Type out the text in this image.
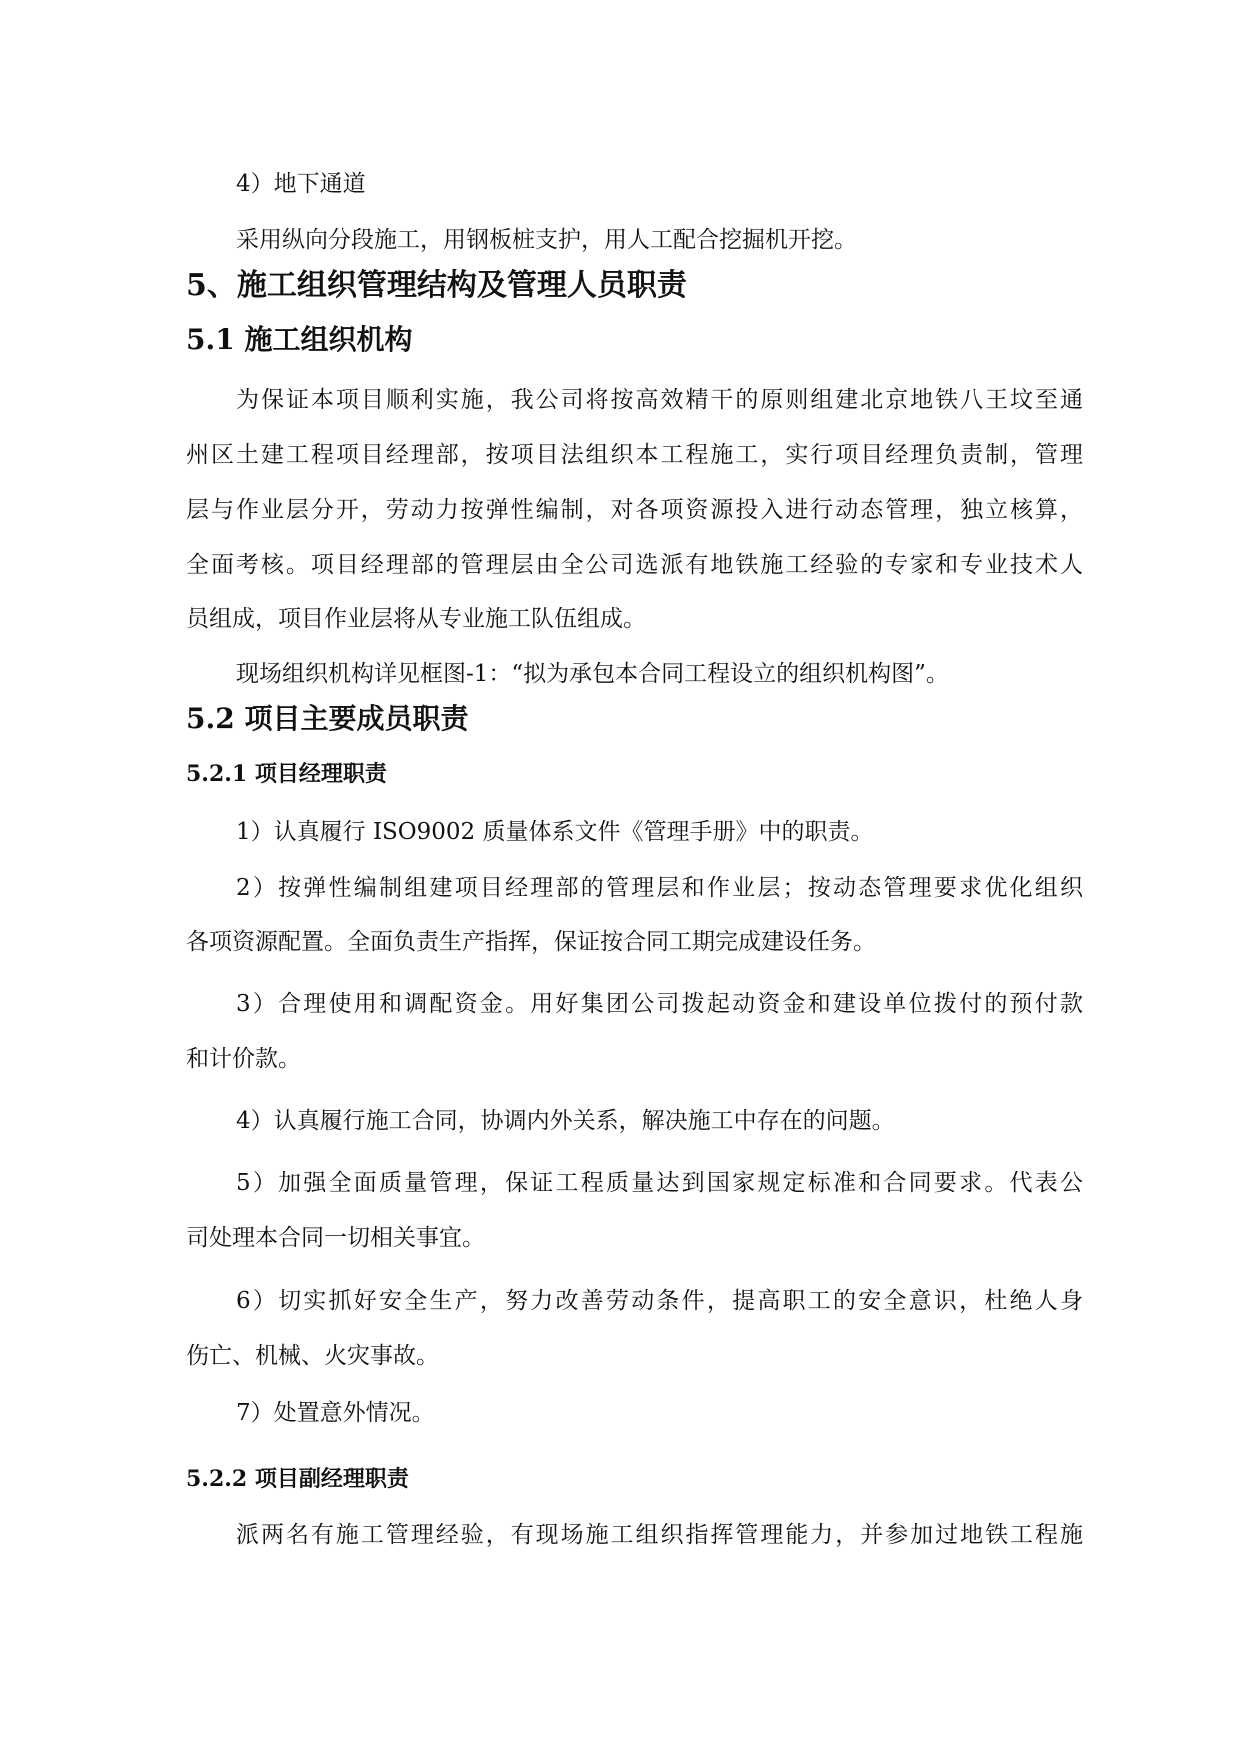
4）地下通道
采用纵向分段施工，用钢板桩支护，用人工配合挖掘机开挖。
5、施工组织管理结构及管理人员职责
5.1 施工组织机构
为保证本项目顺利实施，我公司将按高效精干的原则组建北京地铁八王坟至通
州区土建工程项目经理部，按项目法组织本工程施工，实行项目经理负责制，管理
层与作业层分开，劳动力按弹性编制，对各项资源投入进行动态管理，独立核算，
全面考核。项目经理部的管理层由全公司选派有地铁施工经验的专家和专业技术人
员组成，项目作业层将从专业施工队伍组成。
现场组织机构详见框图-1：“拟为承包本合同工程设立的组织机构图”。
5.2 项目主要成员职责
5.2.1 项目经理职责
1）认真履行 ISO9002 质量体系文件《管理手册》中的职责。
2）按弹性编制组建项目经理部的管理层和作业层；按动态管理要求优化组织
各项资源配置。全面负责生产指挥，保证按合同工期完成建设任务。
3）合理使用和调配资金。用好集团公司拨起动资金和建设单位拨付的预付款
和计价款。
4）认真履行施工合同，协调内外关系，解决施工中存在的问题。
5）加强全面质量管理，保证工程质量达到国家规定标准和合同要求。代表公
司处理本合同一切相关事宜。
6）切实抓好安全生产，努力改善劳动条件，提高职工的安全意识，杜绝人身
伤亡、机械、火灾事故。
7）处置意外情况。
5.2.2 项目副经理职责
派两名有施工管理经验，有现场施工组织指挥管理能力，并参加过地铁工程施
